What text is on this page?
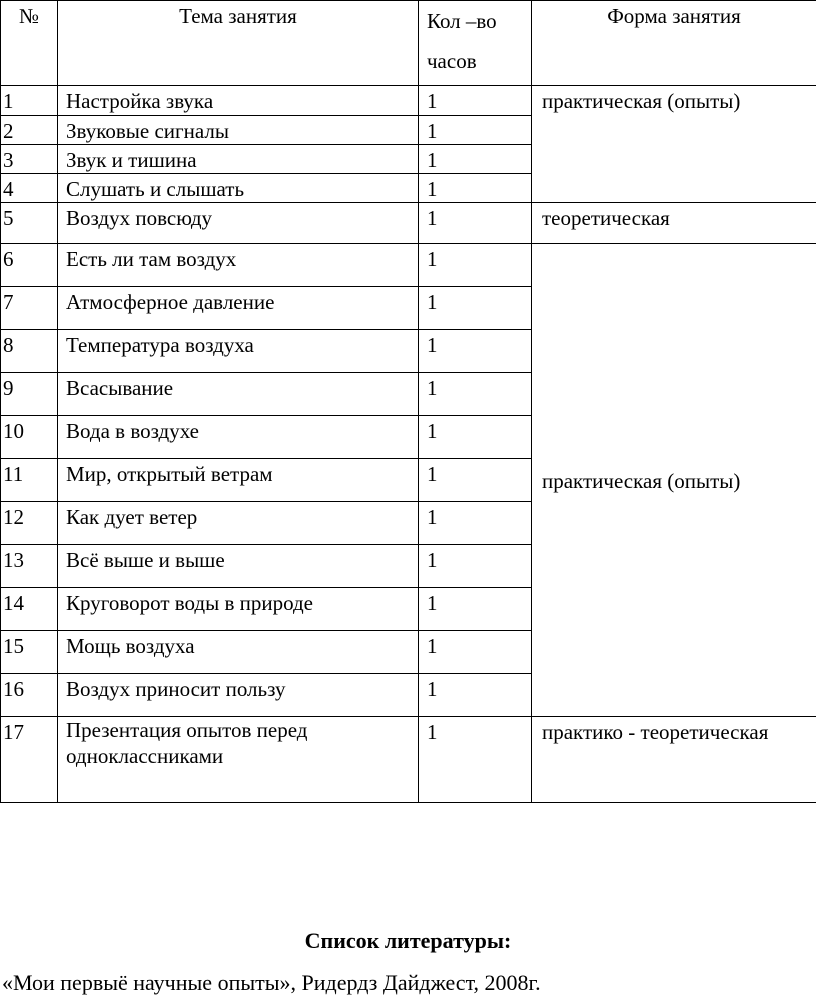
№	Тема занятия	Кол –во часов	Форма занятия
1	Настройка звука	1	практическая (опыты)
2	Звуковые сигналы	1	
3	Звук и тишина	1	
4	Слушать и слышать	1	
5	Воздух повсюду	1	теоретическая
6	Есть ли там воздух	1	практическая (опыты)
7	Атмосферное давление	1	
8	Температура воздуха	1	
9	Всасывание	1	
10	Вода в воздухе	1	
11	Мир, открытый ветрам	1	
12	Как дует ветер	1	
13	Всё выше и выше	1	
14	Круговорот воды в природе	1	
15	Мощь воздуха	1	
16	Воздух приносит пользу	1	
17	Презентация опытов перед одноклассниками	1	практико - теоретическая
Список литературы:
«Мои первыё научные опыты», Ридердз Дайджест, 2008г.
